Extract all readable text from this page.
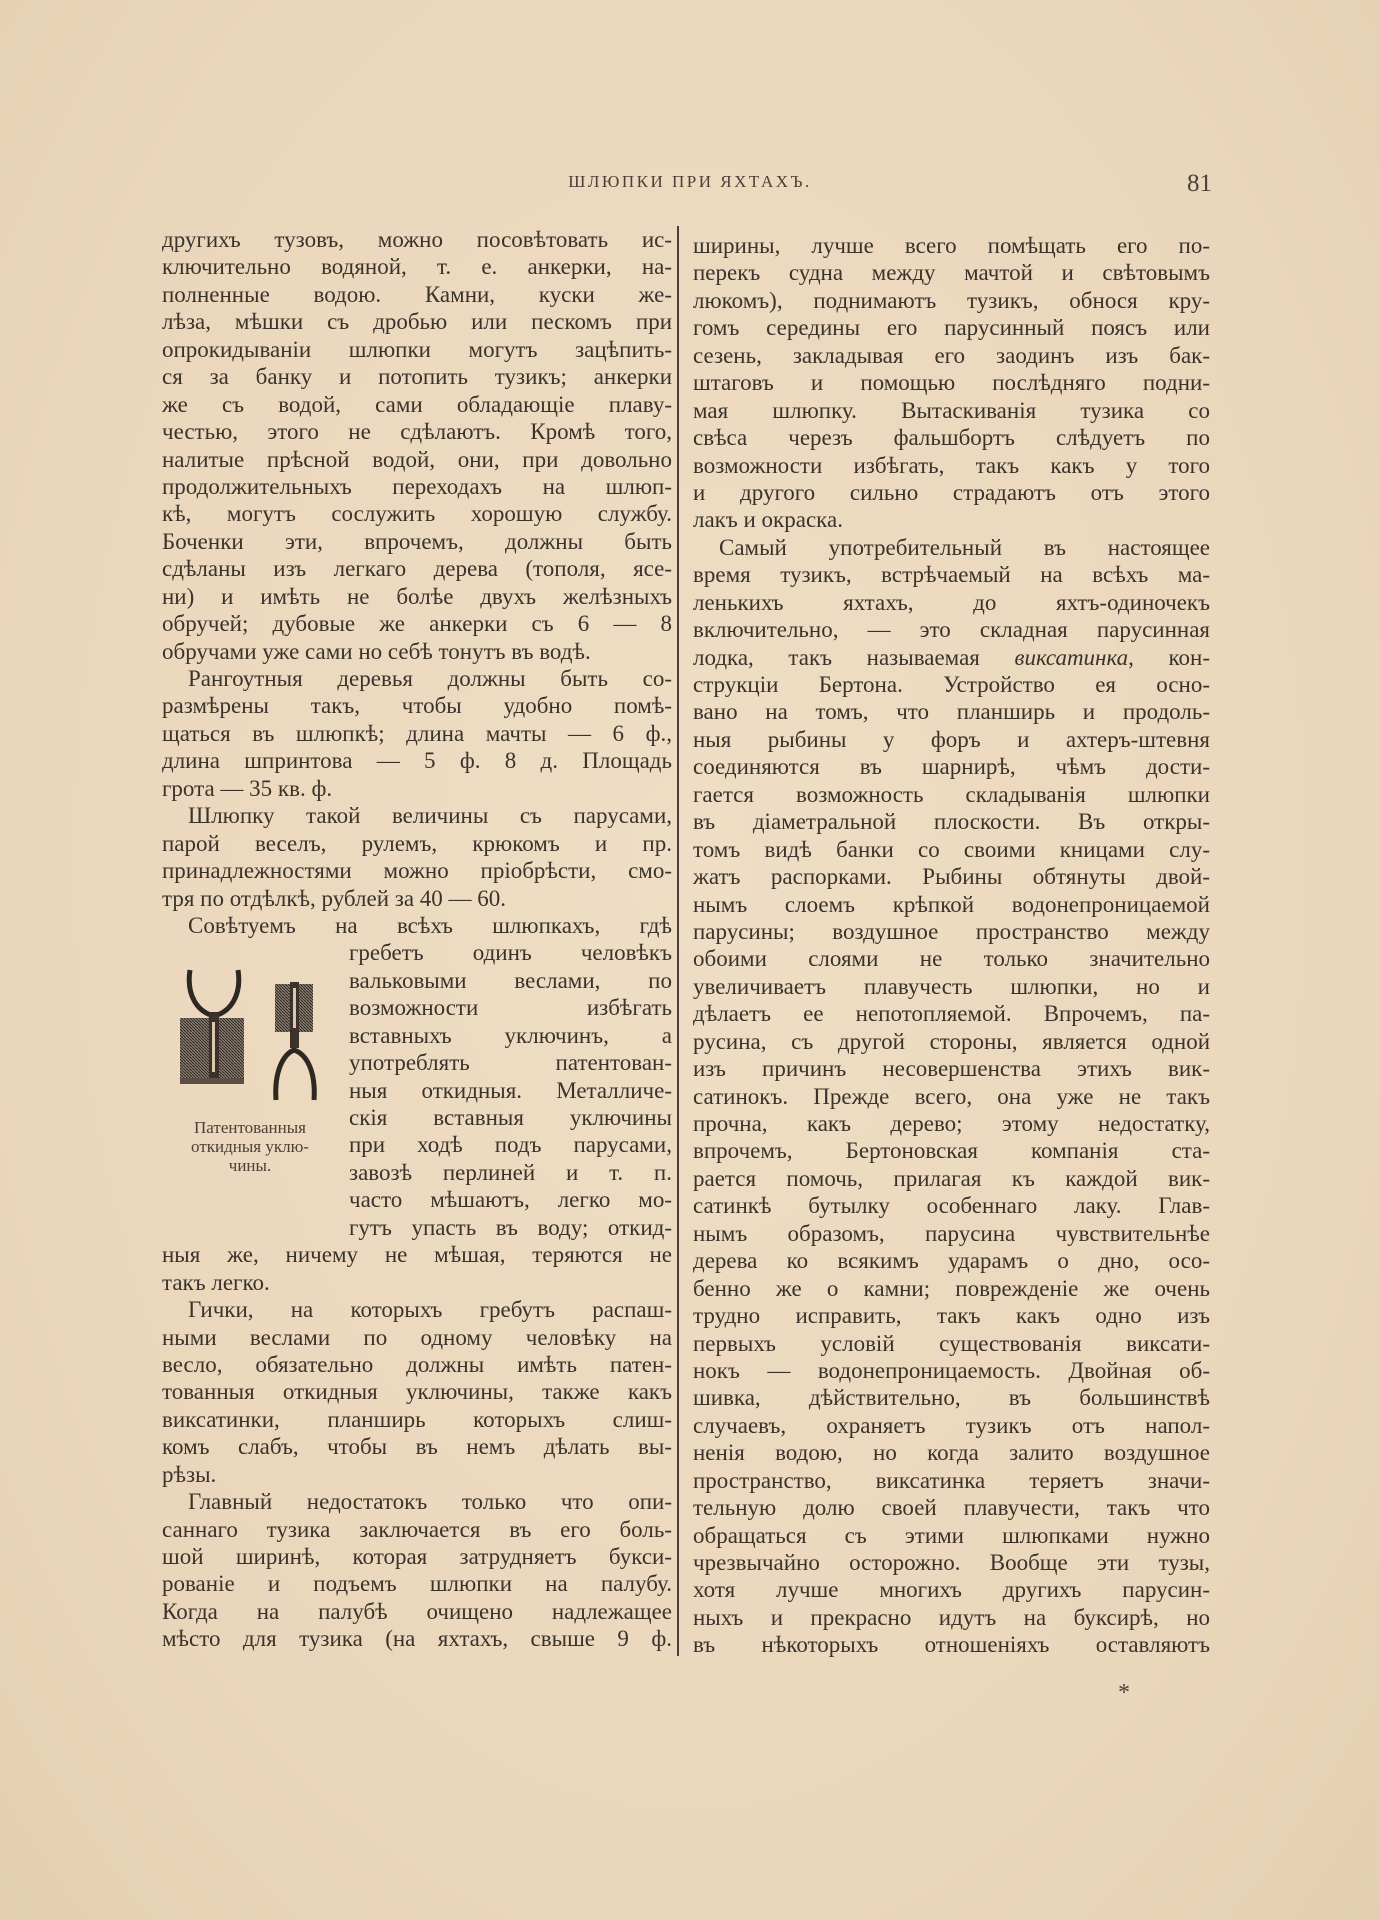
ШЛЮПКИ ПРИ ЯХТАХЪ.	81
другихъ тузовъ, можно посовѣтовать ис-
ключительно водяной, т. е. анкерки, на-
полненные водою. Камни, куски же-
лѣза, мѣшки съ дробью или пескомъ при
опрокидываніи шлюпки могутъ зацѣпить-
ся за банку и потопить тузикъ; анкерки
же съ водой, сами обладающіе плаву-
честью, этого не сдѣлаютъ. Кромѣ того,
налитые прѣсной водой, они, при довольно
продолжительныхъ переходахъ на шлюп-
кѣ, могутъ сослужить хорошую службу.
Боченки эти, впрочемъ, должны быть
сдѣланы изъ легкаго дерева (тополя, ясе-
ни) и имѣть не болѣе двухъ желѣзныхъ
обручей; дубовые же анкерки съ 6 — 8
обручами уже сами но себѣ тонутъ въ водѣ.
Рангоутныя деревья должны быть со-
размѣрены такъ, чтобы удобно помѣ-
щаться въ шлюпкѣ; длина мачты — 6 ф.,
длина шпринтова — 5 ф. 8 д. Площадь
грота — 35 кв. ф.
Шлюпку такой величины съ парусами,
парой веселъ, рулемъ, крюкомъ и пр.
принадлежностями можно пріобрѣсти, смо-
тря по отдѣлкѣ, рублей за 40 — 60.
Совѣтуемъ на всѣхъ шлюпкахъ, гдѣ
гребетъ одинъ человѣкъ
вальковыми веслами, по
возможности избѣгать
вставныхъ уключинъ, а
употреблять патентован-
ныя откидныя. Металличе-
скія вставныя уключины
при ходѣ подъ парусами,
завозѣ перлиней и т. п.
часто мѣшаютъ, легко мо-
гутъ упасть въ воду; откид-
ныя же, ничему не мѣшая, теряются не
такъ легко.
Гички, на которыхъ гребутъ распаш-
ными веслами по одному человѣку на
весло, обязательно должны имѣть патен-
тованныя откидныя уключины, также какъ
виксатинки, планширь которыхъ слиш-
комъ слабъ, чтобы въ немъ дѣлать вы-
рѣзы.
Главный недостатокъ только что опи-
саннаго тузика заключается въ его боль-
шой ширинѣ, которая затрудняетъ букси-
рованіе и подъемъ шлюпки на палубу.
Когда на палубѣ очищено надлежащее
мѣсто для тузика (на яхтахъ, свыше 9 ф.
ширины, лучше всего помѣщать его по-
перекъ судна между мачтой и свѣтовымъ
люкомъ), поднимаютъ тузикъ, обнося кру-
гомъ середины его парусинный поясъ или
сезень, закладывая его заодинъ изъ бак-
штаговъ и помощью послѣдняго подни-
мая шлюпку. Вытаскиванія тузика со
свѣса черезъ фальшбортъ слѣдуетъ по
возможности избѣгать, такъ какъ у того
и другого сильно страдаютъ отъ этого
лакъ и окраска.
Самый употребительный въ настоящее
время тузикъ, встрѣчаемый на всѣхъ ма-
ленькихъ яхтахъ, до яхтъ-одиночекъ
включительно, — это складная парусинная
лодка, такъ называемая виксатинка, кон-
струкціи Бертона. Устройство ея осно-
вано на томъ, что планширь и продоль-
ныя рыбины у форъ и ахтеръ-штевня
соединяются въ шарнирѣ, чѣмъ дости-
гается возможность складыванія шлюпки
въ діаметральной плоскости. Въ откры-
томъ видѣ банки со своими кницами слу-
жатъ распорками. Рыбины обтянуты двой-
нымъ слоемъ крѣпкой водонепроницаемой
парусины; воздушное пространство между
обоими слоями не только значительно
увеличиваетъ плавучесть шлюпки, но и
дѣлаетъ ее непотопляемой. Впрочемъ, па-
русина, съ другой стороны, является одной
изъ причинъ несовершенства этихъ вик-
сатинокъ. Прежде всего, она уже не такъ
прочна, какъ дерево; этому недостатку,
впрочемъ, Бертоновская компанія ста-
рается помочь, прилагая къ каждой вик-
сатинкѣ бутылку особеннаго лаку. Глав-
нымъ образомъ, парусина чувствительнѣе
дерева ко всякимъ ударамъ о дно, осо-
бенно же о камни; поврежденіе же очень
трудно исправить, такъ какъ одно изъ
первыхъ условій существованія виксати-
нокъ — водонепроницаемость. Двойная об-
шивка, дѣйствительно, въ большинствѣ
случаевъ, охраняетъ тузикъ отъ напол-
ненія водою, но когда залито воздушное
пространство, виксатинка теряетъ значи-
тельную долю своей плавучести, такъ что
обращаться съ этими шлюпками нужно
чрезвычайно осторожно. Вообще эти тузы,
хотя лучше многихъ другихъ парусин-
ныхъ и прекрасно идутъ на буксирѣ, но
въ нѣкоторыхъ отношеніяхъ оставляютъ
Патентованныя
откидныя уклю-
чины.
*
